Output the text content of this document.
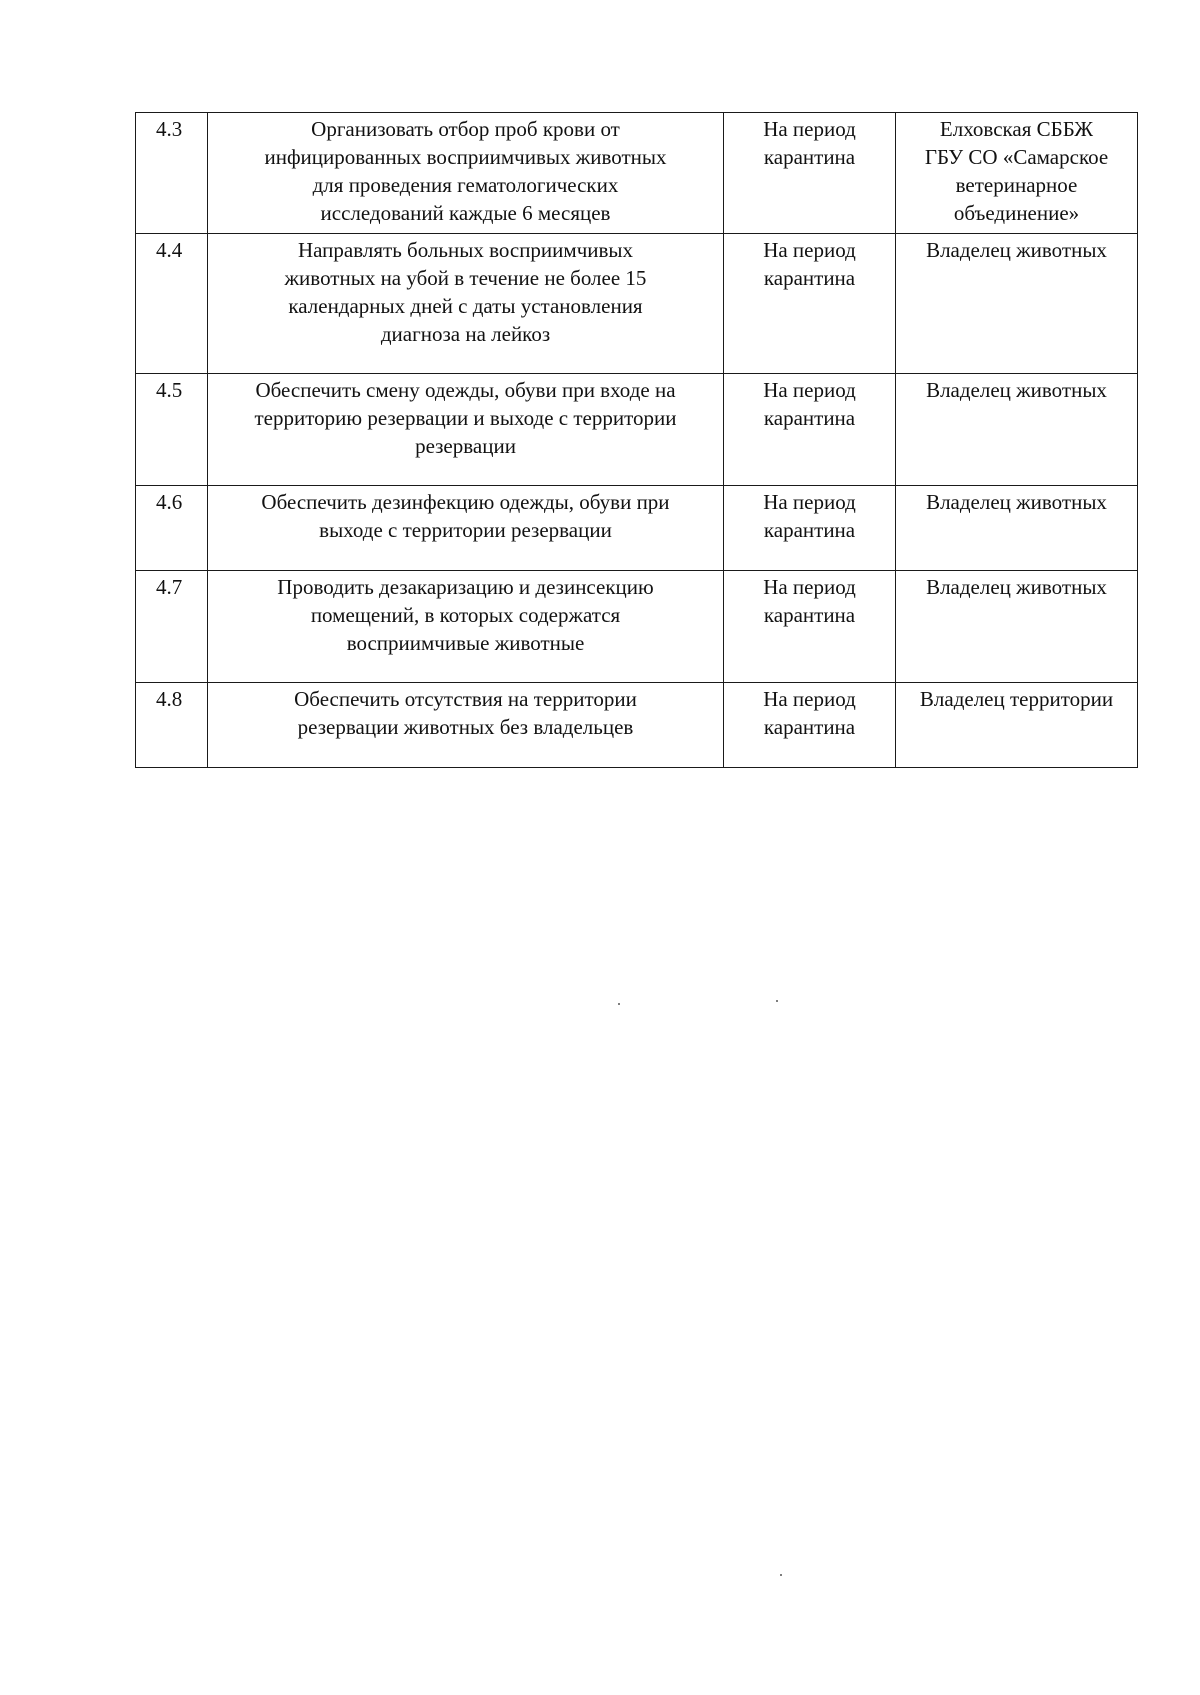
4.3	Организовать отбор проб крови от
инфицированных восприимчивых животных
для проведения гематологических
исследований каждые 6 месяцев	На период
карантина	Елховская СББЖ
ГБУ СО «Самарское
ветеринарное
объединение»
4.4	Направлять больных восприимчивых
животных на убой в течение не более 15
календарных дней с даты установления
диагноза на лейкоз	На период
карантина	Владелец животных
4.5	Обеспечить смену одежды, обуви при входе на
территорию резервации и выходе с территории
резервации	На период
карантина	Владелец животных
4.6	Обеспечить дезинфекцию одежды, обуви при
выходе с территории резервации	На период
карантина	Владелец животных
4.7	Проводить дезакаризацию и дезинсекцию
помещений, в которых содержатся
восприимчивые животные	На период
карантина	Владелец животных
4.8	Обеспечить отсутствия на территории
резервации животных без владельцев	На период
карантина	Владелец территории
